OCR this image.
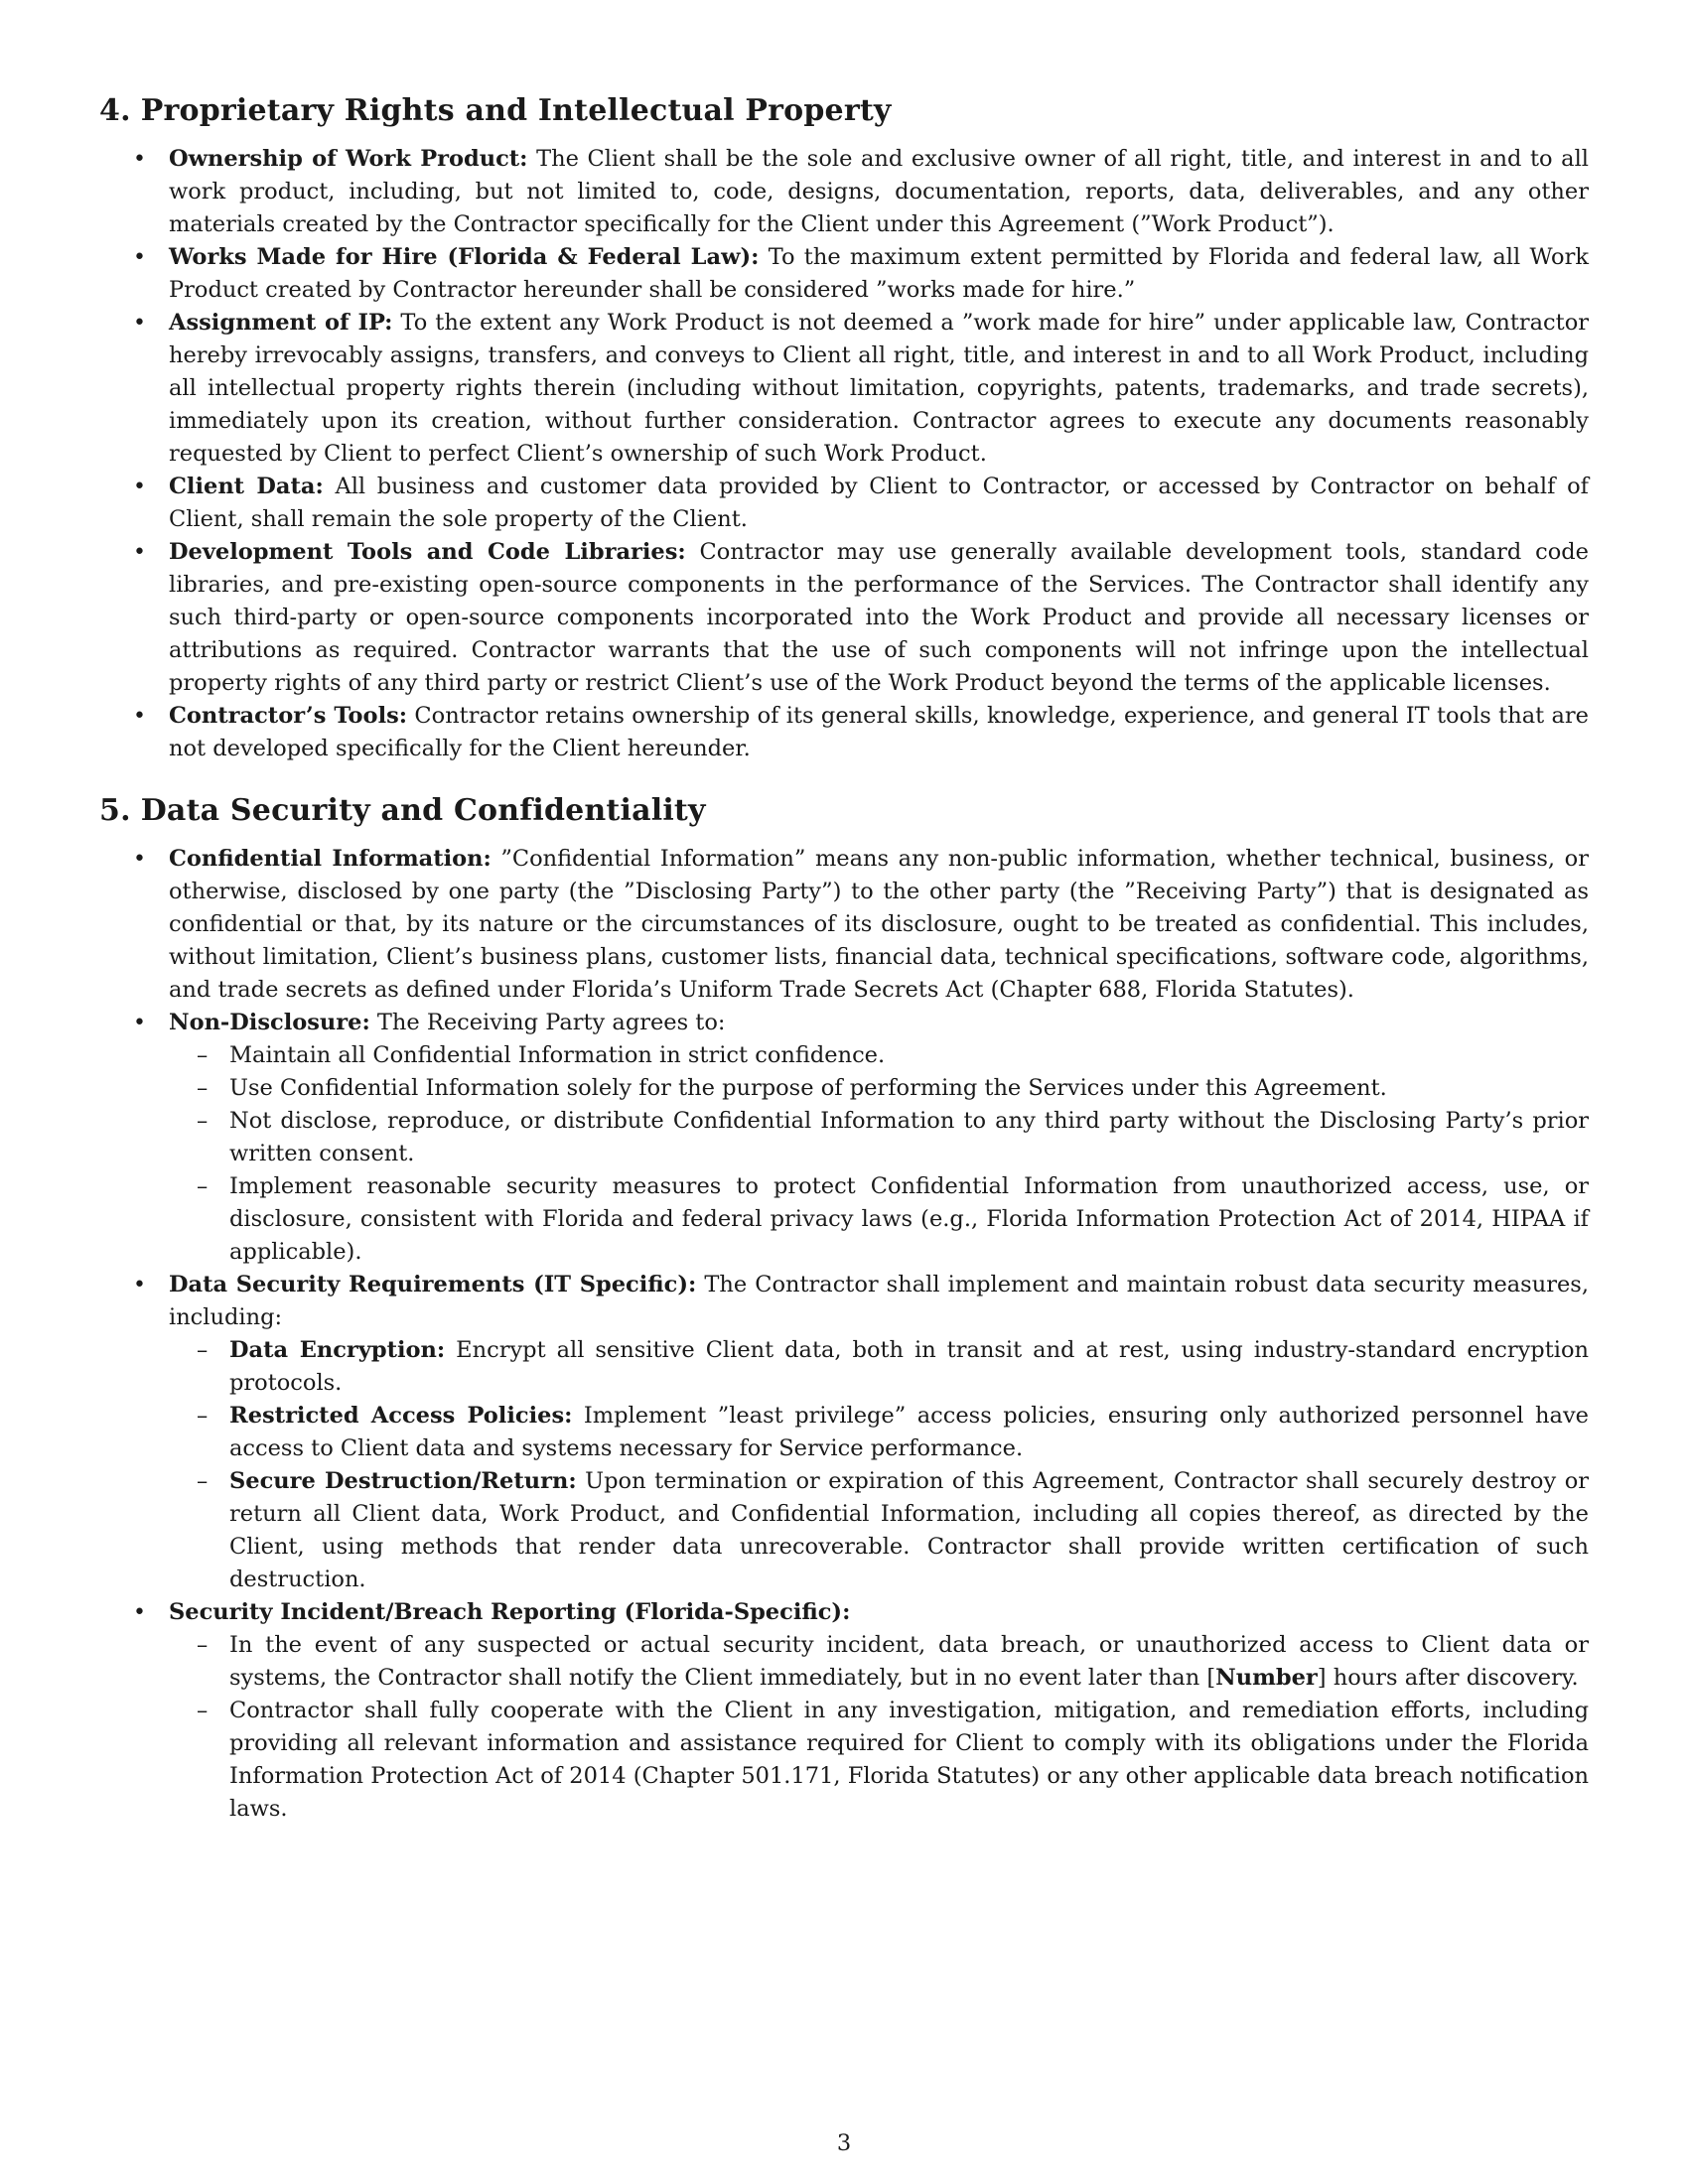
4. Proprietary Rights and Intellectual Property
• Ownership of Work Product: The Client shall be the sole and exclusive owner of all right, title, and interest in and to all work product, including, but not limited to, code, designs, documentation, reports, data, deliverables, and any other materials created by the Contractor specifically for the Client under this Agreement (”Work Product”).
• Works Made for Hire (Florida & Federal Law): To the maximum extent permitted by Florida and federal law, all Work Product created by Contractor hereunder shall be considered ”works made for hire.”
• Assignment of IP: To the extent any Work Product is not deemed a ”work made for hire” under applicable law, Contractor hereby irrevocably assigns, transfers, and conveys to Client all right, title, and interest in and to all Work Product, including all intellectual property rights therein (including without limitation, copyrights, patents, trademarks, and trade secrets), immediately upon its creation, without further consideration. Contractor agrees to execute any documents reasonably requested by Client to perfect Client’s ownership of such Work Product.
• Client Data: All business and customer data provided by Client to Contractor, or accessed by Contractor on behalf of Client, shall remain the sole property of the Client.
• Development Tools and Code Libraries: Contractor may use generally available development tools, standard code libraries, and pre-existing open-source components in the performance of the Services. The Contractor shall identify any such third-party or open-source components incorporated into the Work Product and provide all necessary licenses or attributions as required. Contractor warrants that the use of such components will not infringe upon the intellectual property rights of any third party or restrict Client’s use of the Work Product beyond the terms of the applicable licenses.
• Contractor’s Tools: Contractor retains ownership of its general skills, knowledge, experience, and general IT tools that are not developed specifically for the Client hereunder.
5. Data Security and Confidentiality
• Confidential Information: ”Confidential Information” means any non-public information, whether technical, business, or otherwise, disclosed by one party (the ”Disclosing Party”) to the other party (the ”Receiving Party”) that is designated as confidential or that, by its nature or the circumstances of its disclosure, ought to be treated as confidential. This includes, without limitation, Client’s business plans, customer lists, financial data, technical specifications, software code, algorithms, and trade secrets as defined under Florida’s Uniform Trade Secrets Act (Chapter 688, Florida Statutes).
• Non-Disclosure: The Receiving Party agrees to:
– Maintain all Confidential Information in strict confidence.
– Use Confidential Information solely for the purpose of performing the Services under this Agreement.
– Not disclose, reproduce, or distribute Confidential Information to any third party without the Disclosing Party’s prior written consent.
– Implement reasonable security measures to protect Confidential Information from unauthorized access, use, or disclosure, consistent with Florida and federal privacy laws (e.g., Florida Information Protection Act of 2014, HIPAA if applicable).
• Data Security Requirements (IT Specific): The Contractor shall implement and maintain robust data security measures, including:
– Data Encryption: Encrypt all sensitive Client data, both in transit and at rest, using industry-standard encryption protocols.
– Restricted Access Policies: Implement ”least privilege” access policies, ensuring only authorized personnel have access to Client data and systems necessary for Service performance.
– Secure Destruction/Return: Upon termination or expiration of this Agreement, Contractor shall securely destroy or return all Client data, Work Product, and Confidential Information, including all copies thereof, as directed by the Client, using methods that render data unrecoverable. Contractor shall provide written certification of such destruction.
• Security Incident/Breach Reporting (Florida-Specific):
– In the event of any suspected or actual security incident, data breach, or unauthorized access to Client data or systems, the Contractor shall notify the Client immediately, but in no event later than [Number] hours after discovery.
– Contractor shall fully cooperate with the Client in any investigation, mitigation, and remediation efforts, including providing all relevant information and assistance required for Client to comply with its obligations under the Florida Information Protection Act of 2014 (Chapter 501.171, Florida Statutes) or any other applicable data breach notification laws.
3
